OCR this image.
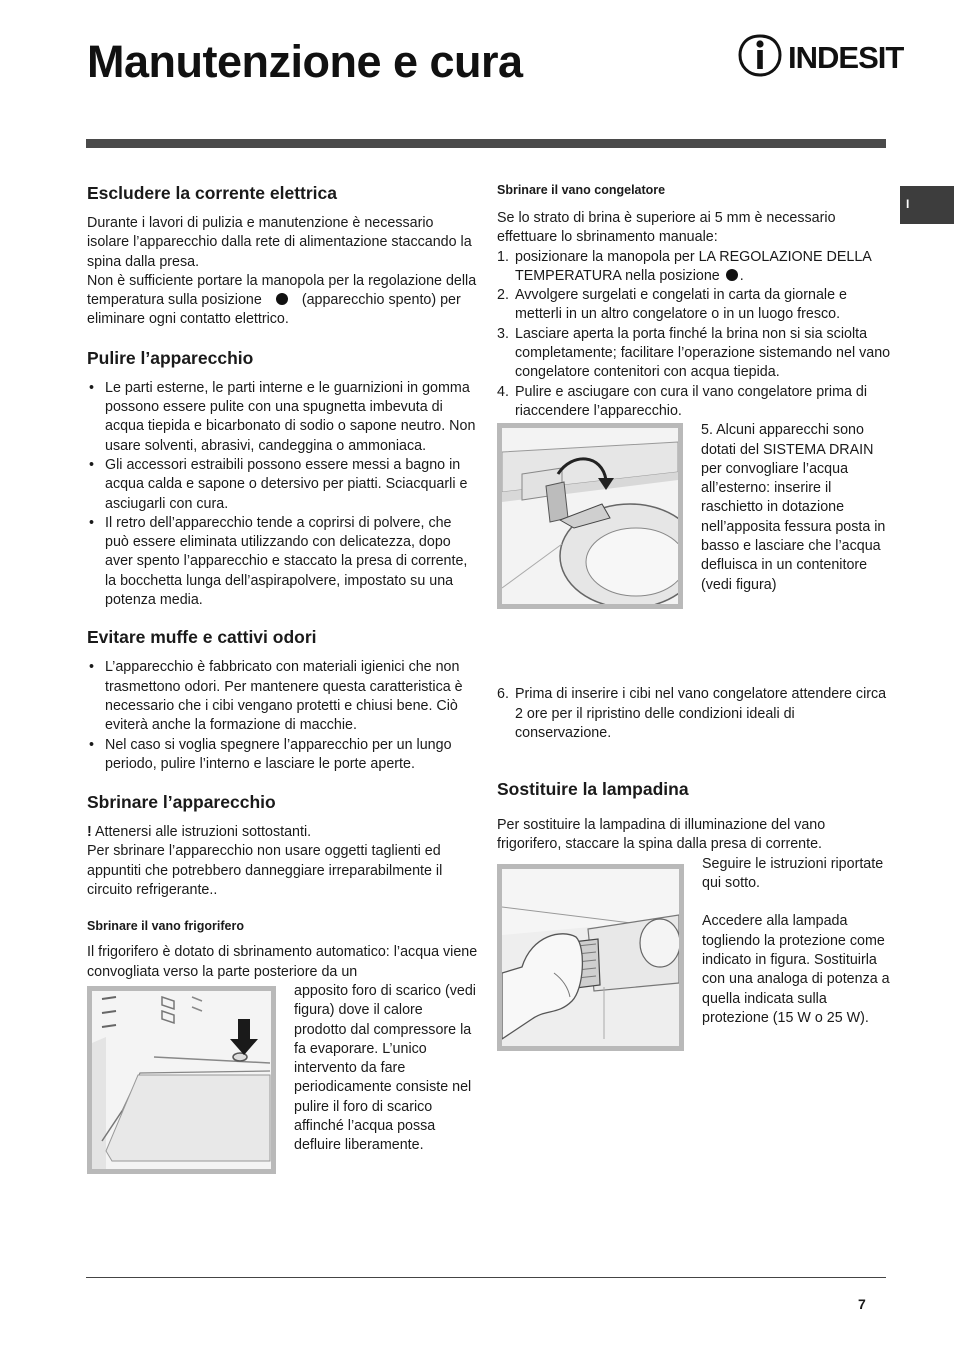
Manutenzione e cura	INDESIT
I
Escludere la corrente elettrica

Durante i lavori di pulizia e manutenzione è necessario isolare l’apparecchio dalla rete di alimentazione staccando la spina dalla presa.

Non è sufficiente portare la manopola per la regolazione della temperatura sulla posizione	(apparecchio spento) per eliminare ogni contatto elettrico.

Pulire l’apparecchio
• Le parti esterne, le parti interne e le guarnizioni in gomma possono essere pulite con una spugnetta imbevuta di acqua tiepida e bicarbonato di sodio o sapone neutro. Non usare solventi, abrasivi, candeggina o ammoniaca.
• Gli accessori estraibili possono essere messi a bagno in acqua calda e sapone o detersivo per piatti. Sciacquarli e asciugarli con cura.
• Il retro dell’apparecchio tende a coprirsi di polvere, che può essere eliminata utilizzando con delicatezza, dopo aver spento l’apparecchio e staccato la presa di corrente, la bocchetta lunga dell’aspirapolvere, impostato su una potenza media.
Evitare muffe e cattivi odori
• L’apparecchio è fabbricato con materiali igienici che non trasmettono odori. Per mantenere questa caratteristica è necessario che i cibi vengano protetti e chiusi bene. Ciò eviterà anche la formazione di macchie.
• Nel caso si voglia spegnere l’apparecchio per un lungo periodo, pulire l’interno e lasciare le porte aperte.
Sbrinare l’apparecchio

! Attenersi alle istruzioni sottostanti.

Per sbrinare l’apparecchio non usare oggetti taglienti ed appuntiti che potrebbero danneggiare irreparabilmente il circuito refrigerante..

Sbrinare il vano frigorifero

Il frigorifero è dotato di sbrinamento automatico: l’acqua viene convogliata verso la parte posteriore da un

apposito foro di scarico (vedi figura) dove il calore prodotto dal compressore la fa evaporare. L’unico intervento da fare periodicamente consiste nel pulire il foro di scarico affinché l’acqua possa defluire liberamente.

Sbrinare il vano congelatore

Se lo strato di brina è superiore ai 5 mm è necessario effettuare lo sbrinamento manuale:

1. posizionare la manopola per LA REGOLAZIONE DELLA TEMPERATURA nella posizione .
2. Avvolgere surgelati e congelati in carta da giornale e metterli in un altro congelatore o in un luogo fresco.
3. Lasciare aperta la porta finché la brina non si sia sciolta completamente; facilitare l’operazione sistemando nel vano congelatore contenitori con acqua tiepida.
4. Pulire e asciugare con cura il vano congelatore prima di riaccendere l’apparecchio.

5. Alcuni apparecchi sono dotati del SISTEMA DRAIN per convogliare l’acqua all’esterno: inserire il raschietto in dotazione nell’apposita fessura posta in basso e lasciare che l’acqua defluisca in un contenitore (vedi figura)

6. Prima di inserire i cibi nel vano congelatore attendere circa 2 ore per il ripristino delle condizioni ideali di conservazione.
Sostituire la lampadina

Per sostituire la lampadina di illuminazione del vano frigorifero, staccare la spina dalla presa di corrente.

Seguire le istruzioni riportate qui sotto.

Accedere alla lampada togliendo la protezione come indicato in figura. Sostituirla con una analoga di potenza a quella indicata sulla protezione (15 W o 25 W).

7
